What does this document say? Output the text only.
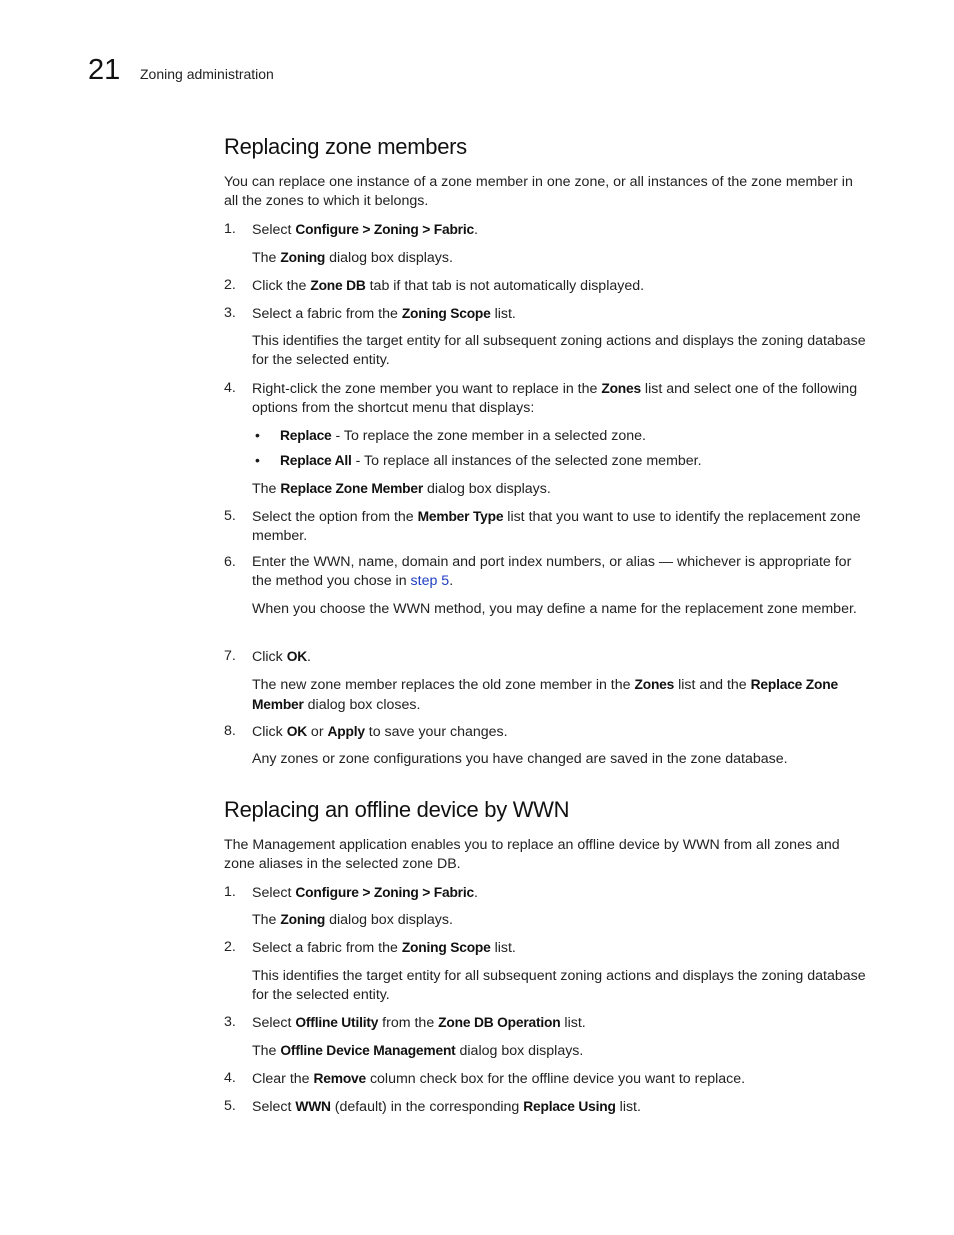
21 Zoning administration
Replacing zone members

You can replace one instance of a zone member in one zone, or all instances of the zone member in all the zones to which it belongs.

1.	Select Configure > Zoning > Fabric.

The Zoning dialog box displays.

2.	Click the Zone DB tab if that tab is not automatically displayed.

3.	Select a fabric from the Zoning Scope list.

This identifies the target entity for all subsequent zoning actions and displays the zoning database for the selected entity.

4.	Right-click the zone member you want to replace in the Zones list and select one of the following options from the shortcut menu that displays:

• Replace - To replace the zone member in a selected zone.

• Replace All - To replace all instances of the selected zone member.

The Replace Zone Member dialog box displays.

5.	Select the option from the Member Type list that you want to use to identify the replacement zone member.

6.	Enter the WWN, name, domain and port index numbers, or alias — whichever is appropriate for the method you chose in step 5.

When you choose the WWN method, you may define a name for the replacement zone member.

7.	Click OK.

The new zone member replaces the old zone member in the Zones list and the Replace Zone Member dialog box closes.

8.	Click OK or Apply to save your changes.

Any zones or zone configurations you have changed are saved in the zone database.

Replacing an offline device by WWN

The Management application enables you to replace an offline device by WWN from all zones and zone aliases in the selected zone DB.

1.	Select Configure > Zoning > Fabric.

The Zoning dialog box displays.

2.	Select a fabric from the Zoning Scope list.

This identifies the target entity for all subsequent zoning actions and displays the zoning database for the selected entity.

3.	Select Offline Utility from the Zone DB Operation list.

The Offline Device Management dialog box displays.

4.	Clear the Remove column check box for the offline device you want to replace.

5.	Select WWN (default) in the corresponding Replace Using list.
